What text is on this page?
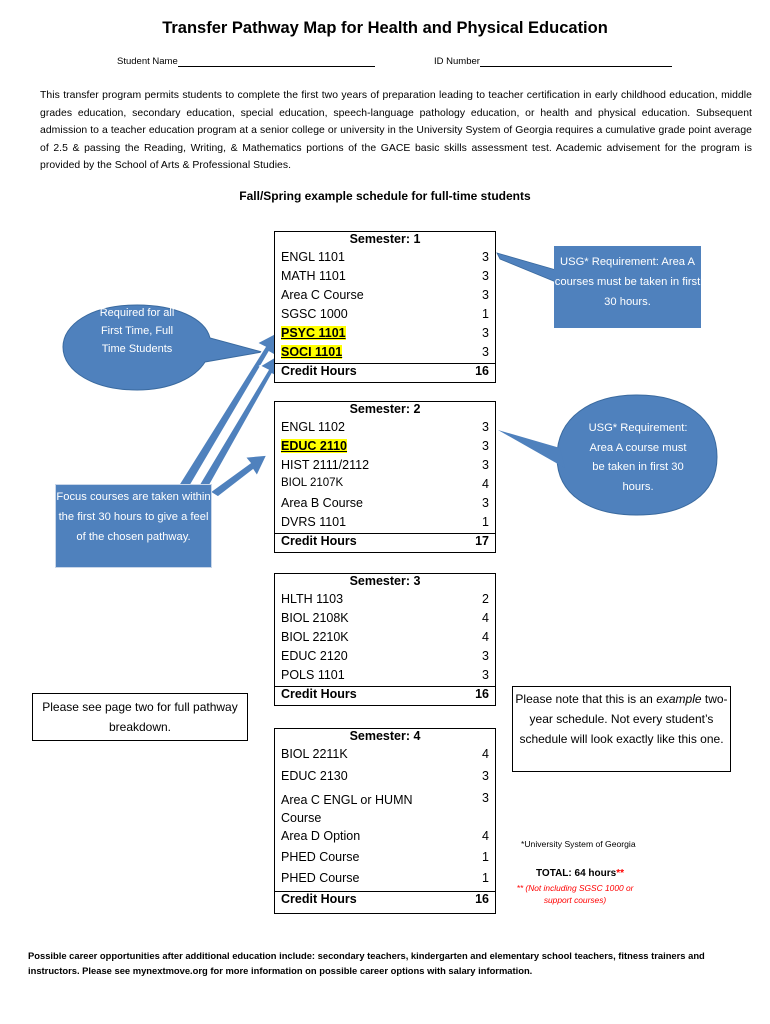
Transfer Pathway Map for Health and Physical Education
Student Name	ID Number
This transfer program permits students to complete the first two years of preparation leading to teacher certification in early childhood education, middle grades education, secondary education, special education, speech-language pathology education, or health and physical education. Subsequent admission to a teacher education program at a senior college or university in the University System of Georgia requires a cumulative grade point average of 2.5 & passing the Reading, Writing, & Mathematics portions of the GACE basic skills assessment test. Academic advisement for the program is provided by the School of Arts & Professional Studies.
Fall/Spring example schedule for full-time students
Semester: 1	
ENGL 1101	3
MATH 1101	3
Area C Course	3
SGSC 1000	1
PSYC 1101	3
SOCI 1101	3
Credit Hours	16
Semester: 2	
ENGL 1102	3
EDUC 2110	3
HIST 2111/2112	3
BIOL 2107K	4
Area B Course	3
DVRS 1101	1
Credit Hours	17
Semester: 3	
HLTH 1103	2
BIOL 2108K	4
BIOL 2210K	4
EDUC 2120	3
POLS 1101	3
Credit Hours	16
Semester: 4	
BIOL 2211K	4
EDUC 2130	3
Area C ENGL or HUMN Course	3
Area D Option	4
PHED Course	1
PHED Course	1
Credit Hours	16
USG* Requirement: Area A courses must be taken in first 30 hours.
Required for all First Time, Full Time Students
USG* Requirement: Area A course must be taken in first 30 hours.
Focus courses are taken within the first 30 hours to give a feel of the chosen pathway.
Please see page two for full pathway breakdown.
Please note that this is an example two-year schedule. Not every student’s schedule will look exactly like this one.
*University System of Georgia
TOTAL: 64 hours**
** (Not including SGSC 1000 or support courses)
Possible career opportunities after additional education include: secondary teachers, kindergarten and elementary school teachers, fitness trainers and instructors. Please see mynextmove.org for more information on possible career options with salary information.
